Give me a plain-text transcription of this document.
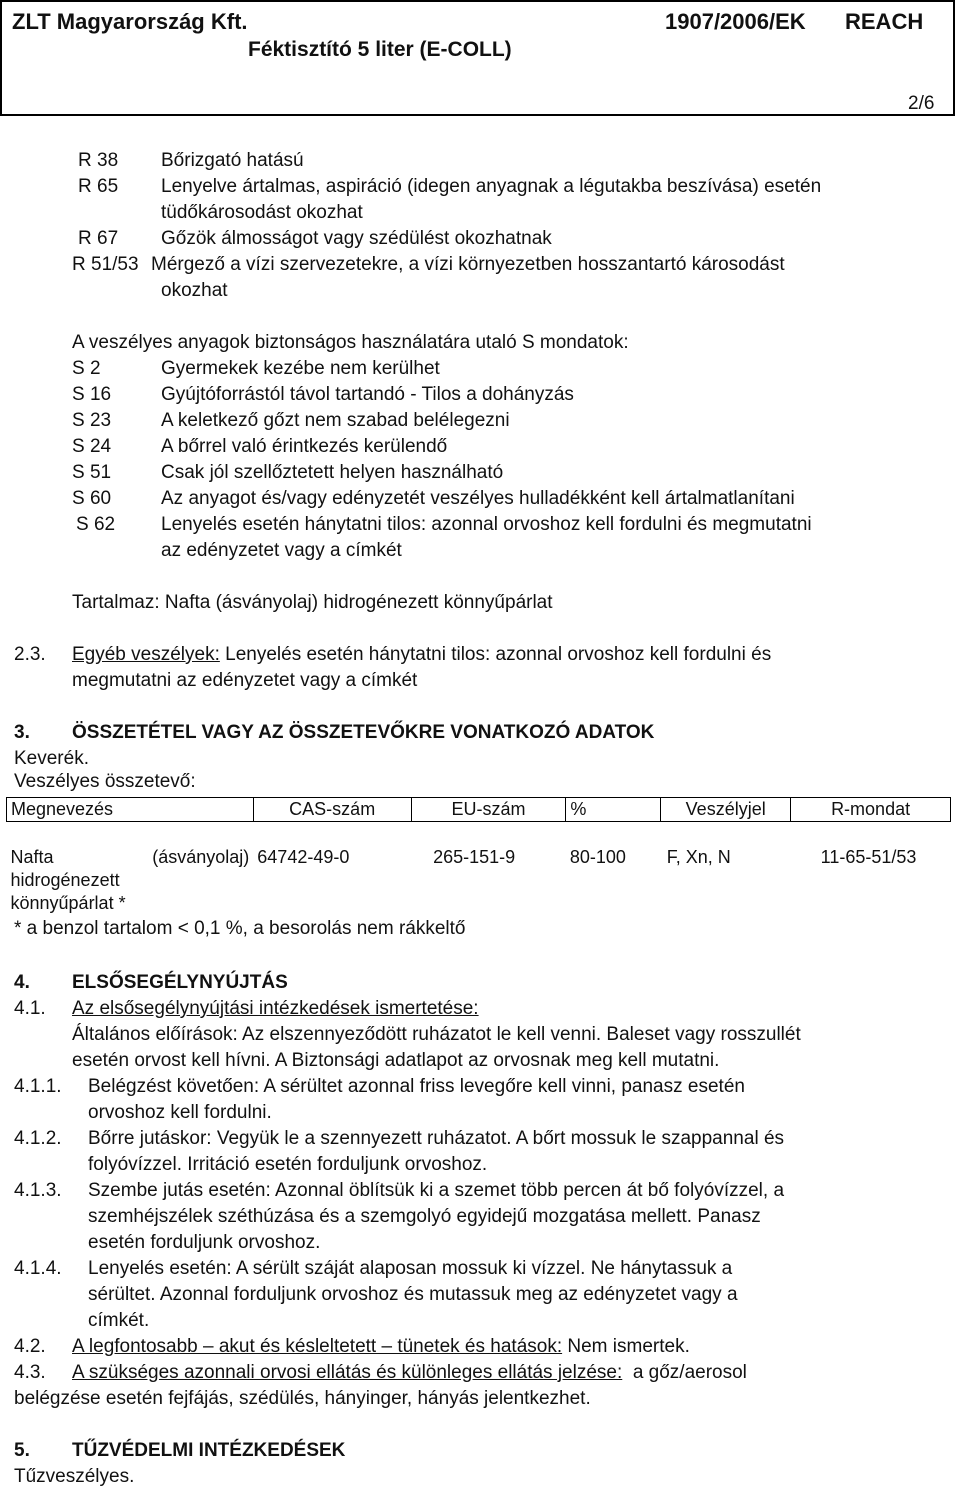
ZLT Magyarország Kft.	1907/2006/EK REACH
Féktisztító 5 liter (E-COLL)
2/6
R 38 Bőrizgató hatású
R 65 Lenyelve ártalmas, aspiráció (idegen anyagnak a légutakba beszívása) esetén
tüdőkárosodást okozhat
R 67 Gőzök álmosságot vagy szédülést okozhatnak
R 51/53 Mérgező a vízi szervezetekre, a vízi környezetben hosszantartó károsodást
okozhat
A veszélyes anyagok biztonságos használatára utaló S mondatok:
S 2	Gyermekek kezébe nem kerülhet
S 16	Gyújtóforrástól távol tartandó - Tilos a dohányzás
S 23	A keletkező gőzt nem szabad belélegezni
S 24	A bőrrel való érintkezés kerülendő
S 51	Csak jól szellőztetett helyen használható
S 60	Az anyagot és/vagy edényzetét veszélyes hulladékként kell ártalmatlanítani
S 62 Lenyelés esetén hánytatni tilos: azonnal orvoshoz kell fordulni és megmutatni
az edényzetet vagy a címkét
Tartalmaz: Nafta (ásványolaj) hidrogénezett könnyűpárlat
2.3. Egyéb veszélyek: Lenyelés esetén hánytatni tilos: azonnal orvoshoz kell fordulni és
megmutatni az edényzetet vagy a címkét
3. ÖSSZETÉTEL VAGY AZ ÖSSZETEVŐKRE VONATKOZÓ ADATOK
Keverék.
Veszélyes összetevő:
Megnevezés	CAS-szám	EU-szám	%	Veszélyjel	R-mondat

Nafta (ásványolaj)
hidrogénezett
könnyűpárlat *	64742-49-0	265-151-9	80-100	F, Xn, N	11-65-51/53
* a benzol tartalom < 0,1 %, a besorolás nem rákkeltő
4. ELSŐSEGÉLYNYÚJTÁS
4.1. Az elsősegélynyújtási intézkedések ismertetése:
Általános előírások: Az elszennyeződött ruházatot le kell venni. Baleset vagy rosszullét
esetén orvost kell hívni. A Biztonsági adatlapot az orvosnak meg kell mutatni.
4.1.1. Belégzést követően: A sérültet azonnal friss levegőre kell vinni, panasz esetén
orvoshoz kell fordulni.
4.1.2. Bőrre jutáskor: Vegyük le a szennyezett ruházatot. A bőrt mossuk le szappannal és
folyóvízzel. Irritáció esetén forduljunk orvoshoz.
4.1.3. Szembe jutás esetén: Azonnal öblítsük ki a szemet több percen át bő folyóvízzel, a
szemhéjszélek széthúzása és a szemgolyó egyidejű mozgatása mellett. Panasz
esetén forduljunk orvoshoz.
4.1.4. Lenyelés esetén: A sérült száját alaposan mossuk ki vízzel. Ne hánytassuk a
sérültet. Azonnal forduljunk orvoshoz és mutassuk meg az edényzetet vagy a
címkét.
4.2. A legfontosabb – akut és késleltetett – tünetek és hatások: Nem ismertek.
4.3. A szükséges azonnali orvosi ellátás és különleges ellátás jelzése:  a gőz/aerosol
belégzése esetén fejfájás, szédülés, hányinger, hányás jelentkezhet.
5. TŰZVÉDELMI INTÉZKEDÉSEK
Tűzveszélyes.
